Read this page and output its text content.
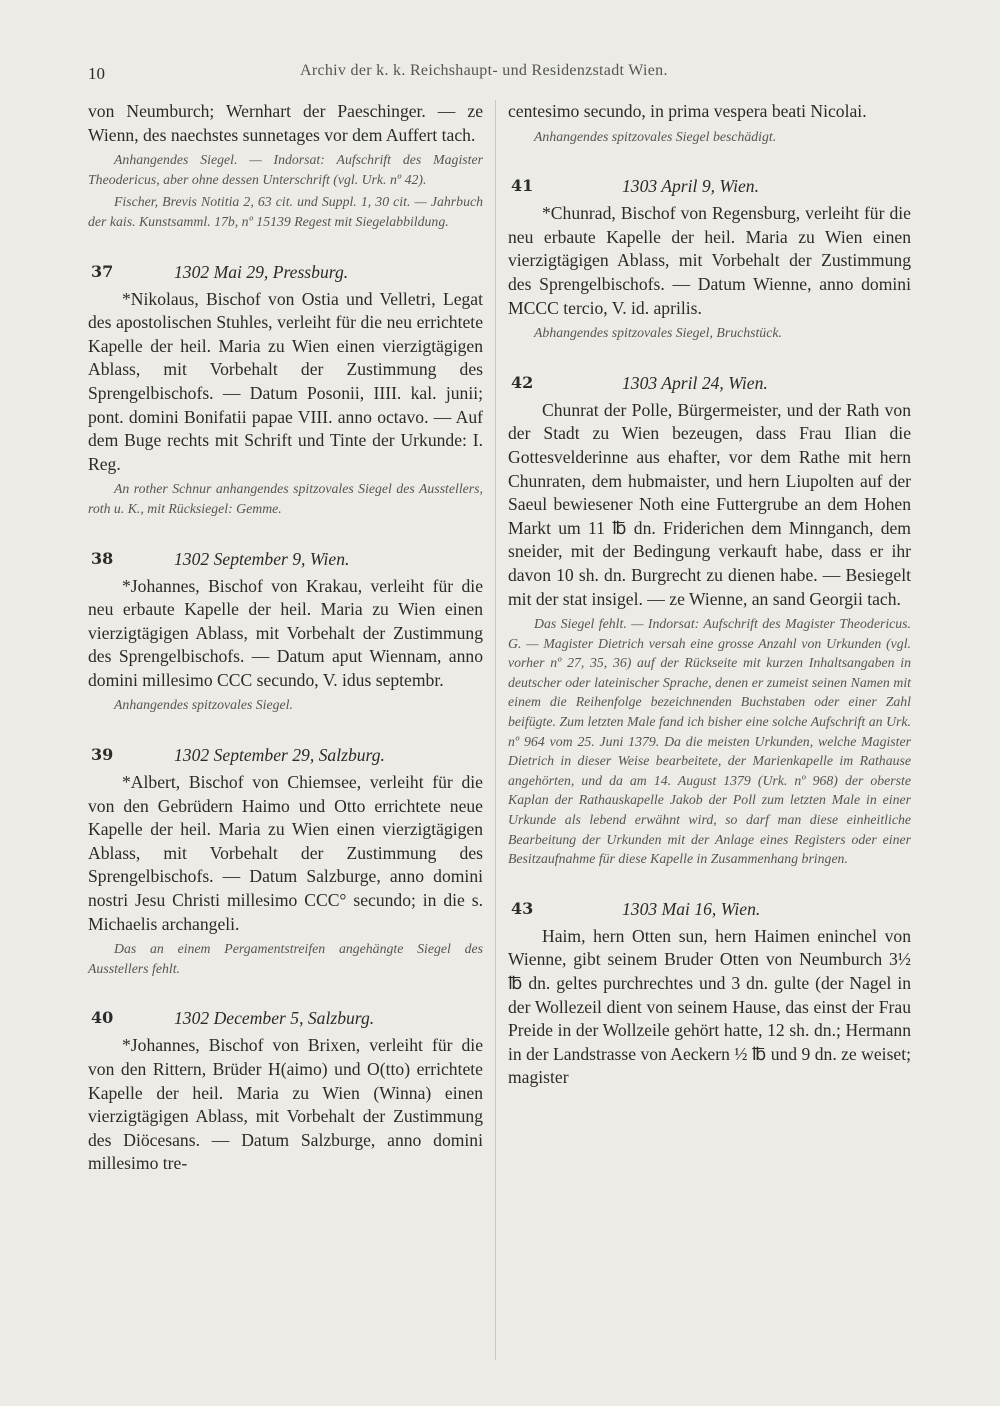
10	Archiv der k. k. Reichshaupt- und Residenzstadt Wien.

von Neumburch; Wernhart der Paeschinger. — ze Wienn, des naechstes sunnetages vor dem Auffert tach.

Anhangendes Siegel. — Indorsat: Aufschrift des Magister Theodericus, aber ohne dessen Unterschrift (vgl. Urk. nº 42).

Fischer, Brevis Notitia 2, 63 cit. und Suppl. 1, 30 cit. — Jahrbuch der kais. Kunstsamml. 17b, nº 15139 Regest mit Siegelabbildung.

37	1302 Mai 29, Pressburg.

*Nikolaus, Bischof von Ostia und Velletri, Legat des apostolischen Stuhles, verleiht für die neu errichtete Kapelle der heil. Maria zu Wien einen vierzigtägigen Ablass, mit Vorbehalt der Zustimmung des Sprengelbischofs. — Datum Posonii, IIII. kal. junii; pont. domini Bonifatii papae VIII. anno octavo. — Auf dem Buge rechts mit Schrift und Tinte der Urkunde: I. Reg.

An rother Schnur anhangendes spitzovales Siegel des Ausstellers, roth u. K., mit Rücksiegel: Gemme.

38	1302 September 9, Wien.

*Johannes, Bischof von Krakau, verleiht für die neu erbaute Kapelle der heil. Maria zu Wien einen vierzigtägigen Ablass, mit Vorbehalt der Zustimmung des Sprengelbischofs. — Datum aput Wiennam, anno domini millesimo CCC secundo, V. idus septembr.

Anhangendes spitzovales Siegel.

39	1302 September 29, Salzburg.

*Albert, Bischof von Chiemsee, verleiht für die von den Gebrüdern Haimo und Otto errichtete neue Kapelle der heil. Maria zu Wien einen vierzigtägigen Ablass, mit Vorbehalt der Zustimmung des Sprengelbischofs. — Datum Salzburge, anno domini nostri Jesu Christi millesimo CCC° secundo; in die s. Michaelis archangeli.

Das an einem Pergamentstreifen angehängte Siegel des Ausstellers fehlt.

40	1302 December 5, Salzburg.

*Johannes, Bischof von Brixen, verleiht für die von den Rittern, Brüder H(aimo) und O(tto) errichtete Kapelle der heil. Maria zu Wien (Winna) einen vierzigtägigen Ablass, mit Vorbehalt der Zustimmung des Diöcesans. — Datum Salzburge, anno domini millesimo tre-

centesimo secundo, in prima vespera beati Nicolai.

Anhangendes spitzovales Siegel beschädigt.

41	1303 April 9, Wien.

*Chunrad, Bischof von Regensburg, verleiht für die neu erbaute Kapelle der heil. Maria zu Wien einen vierzigtägigen Ablass, mit Vorbehalt der Zustimmung des Sprengelbischofs. — Datum Wienne, anno domini MCCC tercio, V. id. aprilis.

Abhangendes spitzovales Siegel, Bruchstück.

42	1303 April 24, Wien.

Chunrat der Polle, Bürgermeister, und der Rath von der Stadt zu Wien bezeugen, dass Frau Ilian die Gottesvelderinne aus ehafter, vor dem Rathe mit hern Chunraten, dem hubmaister, und hern Liupolten auf der Saeul bewiesener Noth eine Futtergrube an dem Hohen Markt um 11 ℔ dn. Friderichen dem Minnganch, dem sneider, mit der Bedingung verkauft habe, dass er ihr davon 10 sh. dn. Burgrecht zu dienen habe. — Besiegelt mit der stat insigel. — ze Wienne, an sand Georgii tach.

Das Siegel fehlt. — Indorsat: Aufschrift des Magister Theodericus. G. — Magister Dietrich versah eine grosse Anzahl von Urkunden (vgl. vorher nº 27, 35, 36) auf der Rückseite mit kurzen Inhaltsangaben in deutscher oder lateinischer Sprache, denen er zumeist seinen Namen mit einem die Reihenfolge bezeichnenden Buchstaben oder einer Zahl beifügte. Zum letzten Male fand ich bisher eine solche Aufschrift an Urk. nº 964 vom 25. Juni 1379. Da die meisten Urkunden, welche Magister Dietrich in dieser Weise bearbeitete, der Marienkapelle im Rathause angehörten, und da am 14. August 1379 (Urk. nº 968) der oberste Kaplan der Rathauskapelle Jakob der Poll zum letzten Male in einer Urkunde als lebend erwähnt wird, so darf man diese einheitliche Bearbeitung der Urkunden mit der Anlage eines Registers oder einer Besitzaufnahme für diese Kapelle in Zusammenhang bringen.

43	1303 Mai 16, Wien.

Haim, hern Otten sun, hern Haimen eninchel von Wienne, gibt seinem Bruder Otten von Neumburch 3½ ℔ dn. geltes purchrechtes und 3 dn. gulte (der Nagel in der Wollezeil dient von seinem Hause, das einst der Frau Preide in der Wollzeile gehört hatte, 12 sh. dn.; Hermann in der Landstrasse von Aeckern ½ ℔ und 9 dn. ze weiset; magister
